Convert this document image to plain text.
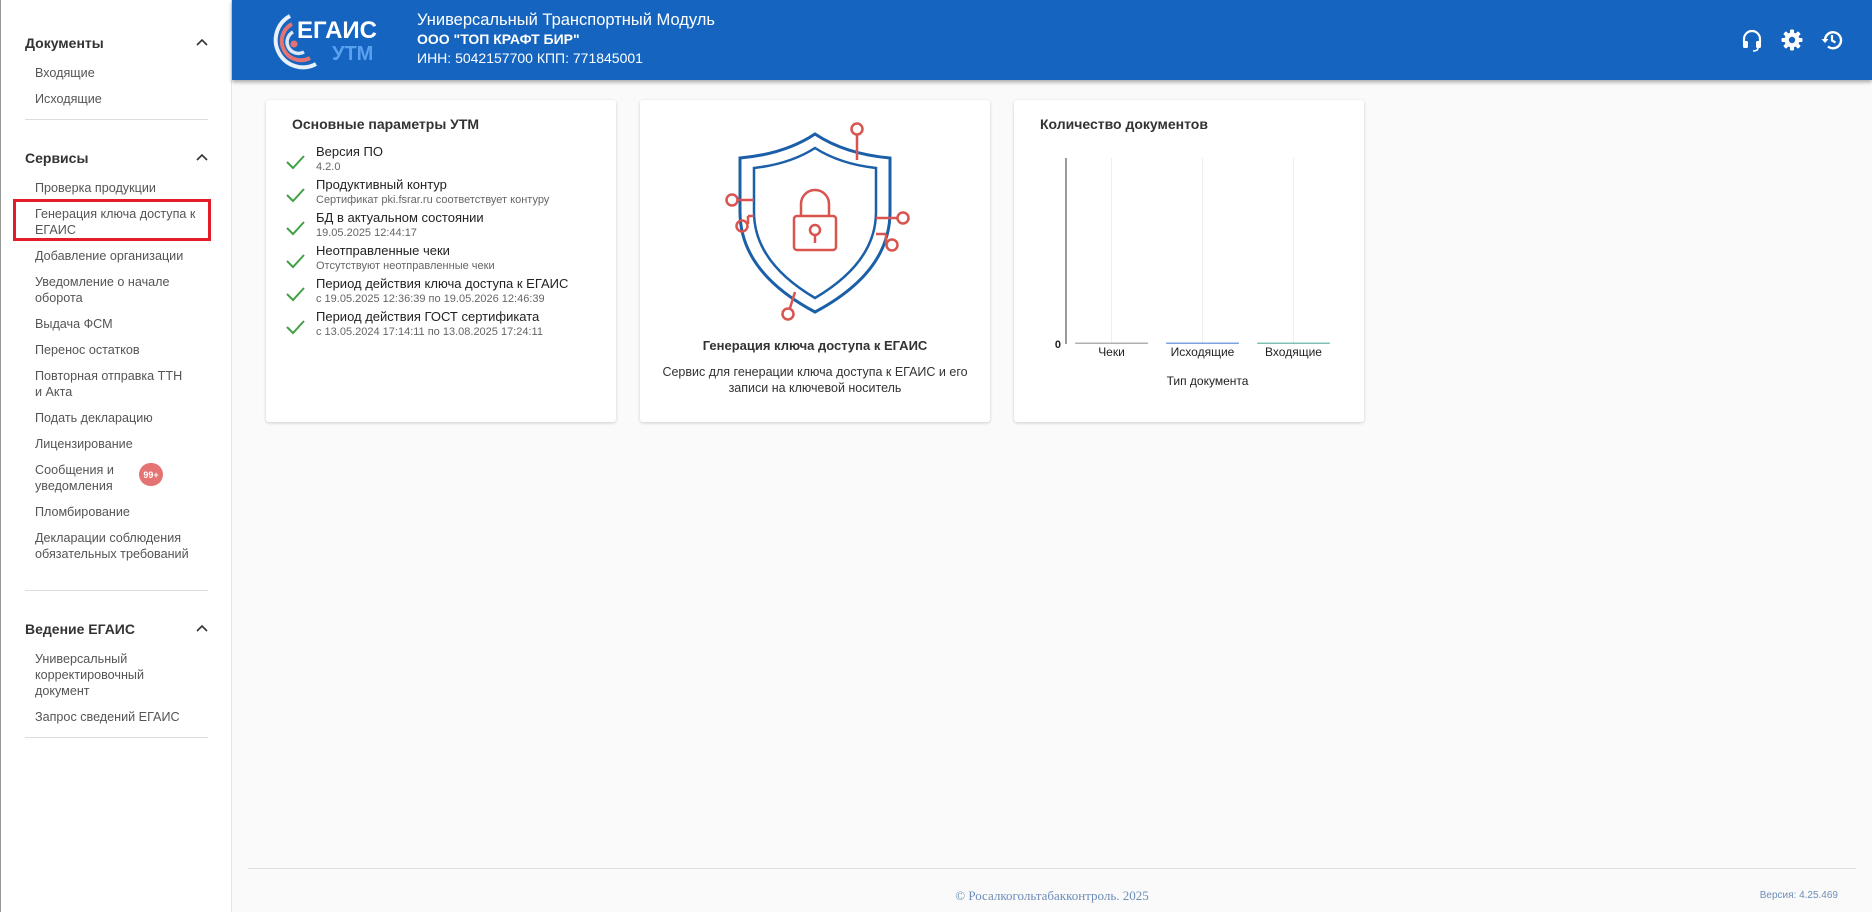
Документы
Входящие
Исходящие
Сервисы
Проверка продукции
Генерация ключа доступа к ЕГАИС
Добавление организации
Уведомление о начале оборота
Выдача ФСМ
Перенос остатков
Повторная отправка ТТН и Акта
Подать декларацию
Лицензирование
Сообщения и уведомления
99+
Пломбирование
Декларации соблюдения обязательных требований
Ведение ЕГАИС
Универсальный корректировочный документ
Запрос сведений ЕГАИС
ЕГАИС
УТМ
Универсальный Транспортный Модуль
ООО "ТОП КРАФТ БИР"
ИНН: 5042157700 КПП: 771845001
Основные параметры УТМ
Версия ПО
4.2.0
Продуктивный контур
Сертификат pki.fsrar.ru соответствует контуру
БД в актуальном состоянии
19.05.2025 12:44:17
Неотправленные чеки
Отсутствуют неотправленные чеки
Период действия ключа доступа к ЕГАИС
с 19.05.2025 12:36:39 по 19.05.2026 12:46:39
Период действия ГОСТ сертификата
с 13.05.2024 17:14:11 по 13.08.2025 17:24:11
Генерация ключа доступа к ЕГАИС
Сервис для генерации ключа доступа к ЕГАИС и его записи на ключевой носитель
Количество документов
0	Чеки	Исходящие	Входящие
Тип документа
© Росалкогольтабакконтроль. 2025	Версия: 4.25.469
